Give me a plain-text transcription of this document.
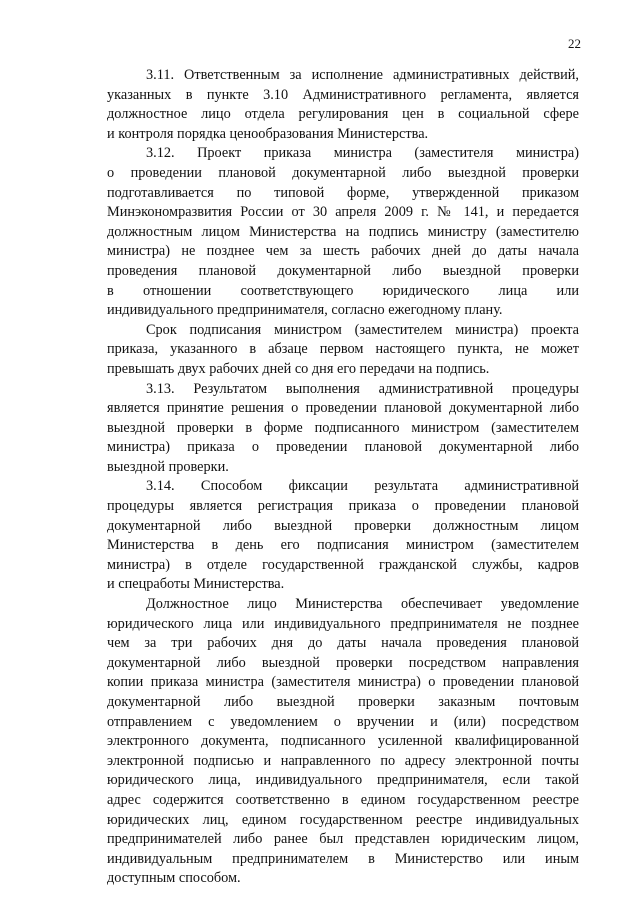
22

3.11. Ответственным за исполнение административных действий,
указанных в пункте 3.10 Административного регламента, является
должностное лицо отдела регулирования цен в социальной сфере
и контроля порядка ценообразования Министерства.

3.12. Проект приказа министра (заместителя министра)
о проведении плановой документарной либо выездной проверки
подготавливается по типовой форме, утвержденной приказом
Минэкономразвития России от 30 апреля 2009 г. № 141, и передается
должностным лицом Министерства на подпись министру (заместителю
министра) не позднее чем за шесть рабочих дней до даты начала
проведения плановой документарной либо выездной проверки
в отношении соответствующего юридического лица или
индивидуального предпринимателя, согласно ежегодному плану.

Срок подписания министром (заместителем министра) проекта
приказа, указанного в абзаце первом настоящего пункта, не может
превышать двух рабочих дней со дня его передачи на подпись.

3.13. Результатом выполнения административной процедуры
является принятие решения о проведении плановой документарной либо
выездной проверки в форме подписанного министром (заместителем
министра) приказа о проведении плановой документарной либо
выездной проверки.

3.14. Способом фиксации результата административной
процедуры является регистрация приказа о проведении плановой
документарной либо выездной проверки должностным лицом
Министерства в день его подписания министром (заместителем
министра) в отделе государственной гражданской службы, кадров
и спецработы Министерства.

Должностное лицо Министерства обеспечивает уведомление
юридического лица или индивидуального предпринимателя не позднее
чем за три рабочих дня до даты начала проведения плановой
документарной либо выездной проверки посредством направления
копии приказа министра (заместителя министра) о проведении плановой
документарной либо выездной проверки заказным почтовым
отправлением с уведомлением о вручении и (или) посредством
электронного документа, подписанного усиленной квалифицированной
электронной подписью и направленного по адресу электронной почты
юридического лица, индивидуального предпринимателя, если такой
адрес содержится соответственно в едином государственном реестре
юридических лиц, едином государственном реестре индивидуальных
предпринимателей либо ранее был представлен юридическим лицом,
индивидуальным предпринимателем в Министерство или иным
доступным способом.
